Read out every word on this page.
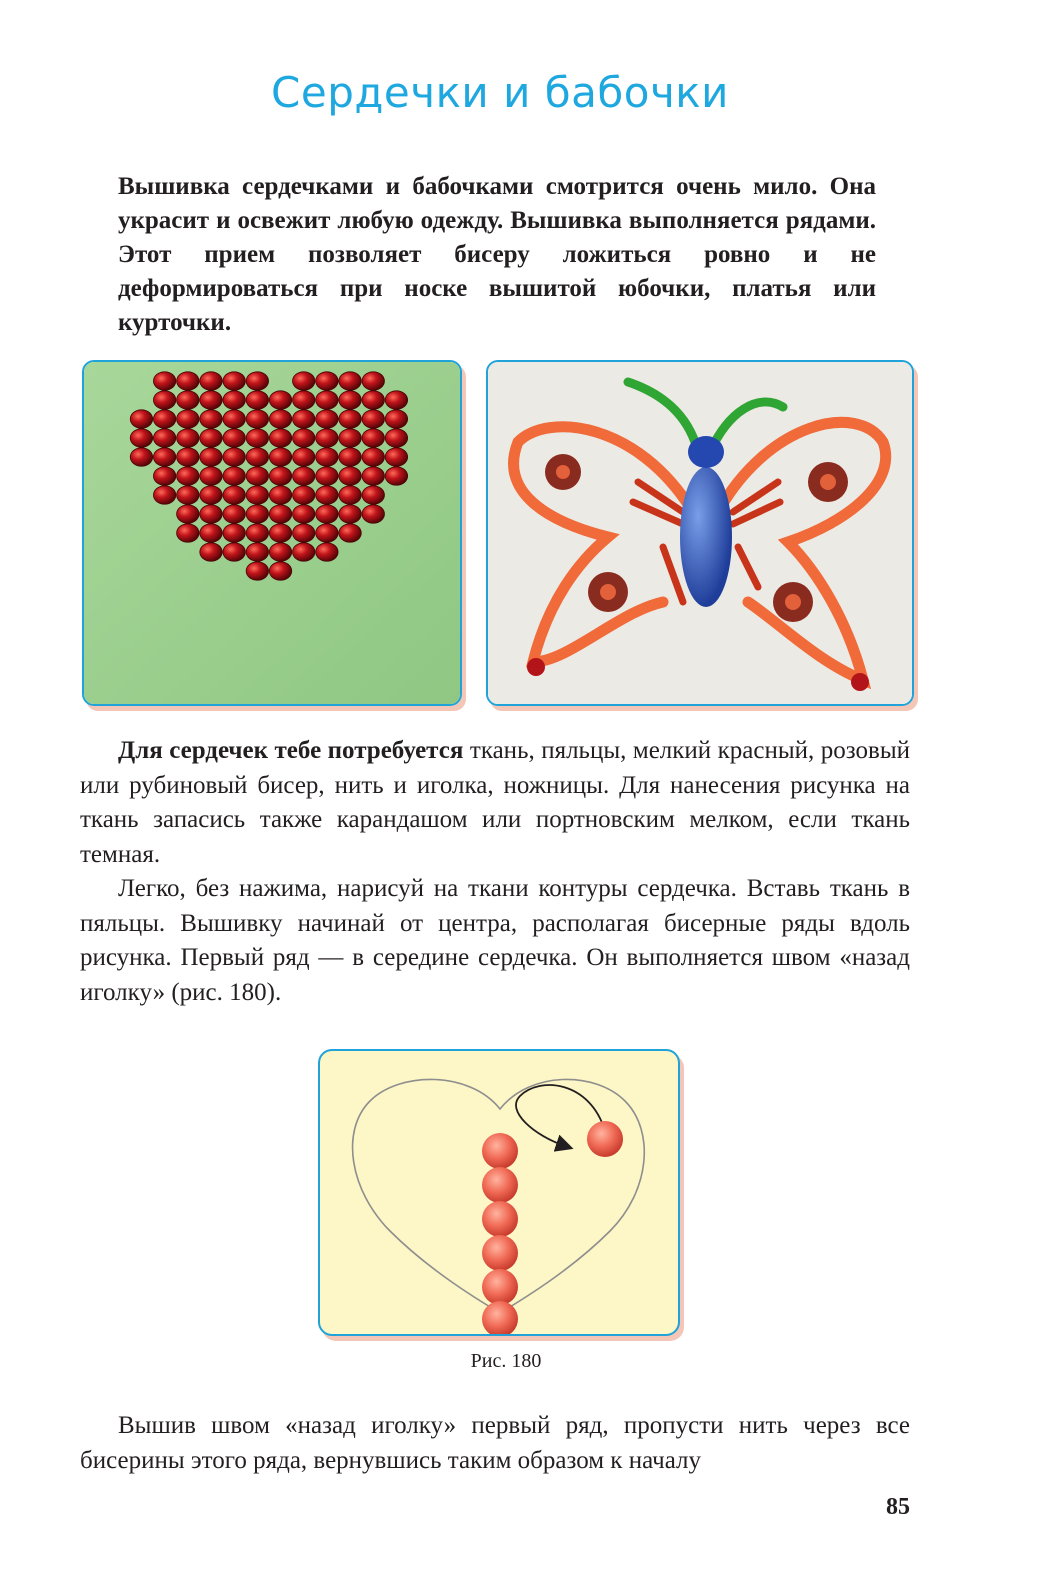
Сердечки и бабочки

Вышивка сердечками и бабочками смотрится очень мило. Она украсит и освежит любую одежду. Вышивка выполняется рядами. Этот прием позволяет бисеру ложиться ровно и не деформироваться при носке вышитой юбочки, платья или курточки.

Для сердечек тебе потребуется ткань, пяльцы, мелкий красный, розовый или рубиновый бисер, нить и иголка, ножницы. Для нанесения рисунка на ткань запасись также карандашом или портновским мелком, если ткань темная.

Легко, без нажима, нарисуй на ткани контуры сердечка. Вставь ткань в пяльцы. Вышивку начинай от центра, располагая бисерные ряды вдоль рисунка. Первый ряд — в середине сердечка. Он выполняется швом «назад иголку» (рис. 180).

Рис. 180

Вышив швом «назад иголку» первый ряд, пропусти нить через все бисерины этого ряда, вернувшись таким образом к началу

85
